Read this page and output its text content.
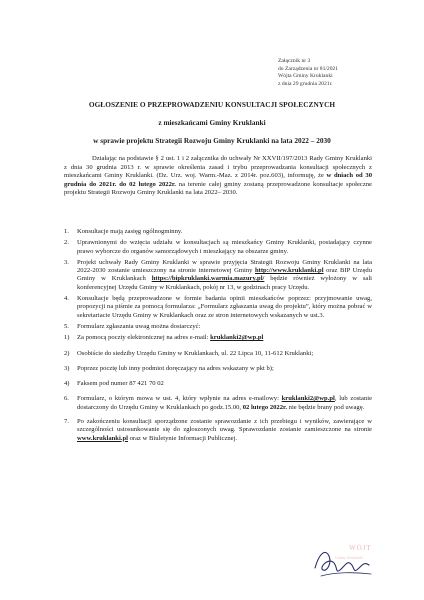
Załącznik nr 3
do Zarządzenia nr 81/2021
Wójta Gminy Kruklanki
z dnia 29 grudnia 2021r.
OGŁOSZENIE O PRZEPROWADZENIU KONSULTACJI SPOŁECZNYCH
z mieszkańcami Gminy Kruklanki
w sprawie projektu Strategii Rozwoju Gminy Kruklanki na lata 2022 – 2030
Działając na podstawie § 2 ust. 1 i 2 załącznika do uchwały Nr XXVII/197/2013 Rady Gminy Kruklanki z dnia 30 grudnia 2013 r. w sprawie określenia zasad i trybu przeprowadzania konsultacji społecznych z mieszkańcami Gminy Kruklanki. (Dz. Urz. woj. Warm.-Maz. z 2014r. poz.603), informuję, że w dniach od 30 grudnia do 2021r. do 02 lutego 2022r. na terenie całej gminy zostaną przeprowadzone konsultacje społeczne projektu Strategii Rozwoju Gminy Kruklanki na lata 2022– 2030.
1.	Konsultacje mają zasięg ogólnogminny.
2.	Uprawnionymi do wzięcia udziału w konsultacjach są mieszkańcy Gminy Kruklanki, posiadający czynne prawo wyborcze do organów samorządowych i mieszkający na obszarze gminy.
3.	Projekt uchwały Rady Gminy Kruklanki w sprawie przyjęcia Strategii Rozwoju Gminy Kruklanki na lata 2022-2030 zostanie umieszczony na stronie internetowej Gminy http://www.kruklanki.pl oraz BIP Urzędu Gminy w Kruklankach https://bipkruklanki.warmia.mazury.pl/ będzie również wyłożony w sali konferencyjnej Urzędu Gminy w Kruklankach, pokój nr 13, w godzinach pracy Urzędu.
4.	Konsultacje będą przeprowadzone w formie badania opinii mieszkańców poprzez: przyjmowanie uwag, propozycji na piśmie za pomocą formularza: „Formularz zgłaszania uwag do projektu”, który można pobrać w sekretariacie Urzędu Gminy w Kruklankach oraz ze stron internetowych wskazanych w ust.3.
5.	Formularz zgłaszania uwag można dostarczyć:
1)	Za pomocą poczty elektronicznej na adres e-mail: kruklanki2@wp.pl
2)	Osobiście do siedziby Urzędu Gminy w Kruklankach, ul. 22 Lipca 10, 11-612 Kruklanki;
3)	Poprzez pocztę lub inny podmiot doręczający na adres wskazany w pkt b);
4)	Faksem pod numer 87 421 70 02
6.	Formularz, o którym mowa w ust. 4, który wpłynie na adres e-mailowy: kruklanki2@wp.pl, lub zostanie dostarczony do Urzędu Gminy w Kruklankach po godz.15.00, 02 lutego 2022r. nie będzie brany pod uwagę.
7.	Po zakończeniu konsultacji sporządzone zostanie sprawozdanie z ich przebiegu i wyników, zawierające w szczególności ustosunkowanie się do zgłoszonych uwag. Sprawozdanie zostanie zamieszczone na stronie www.kruklanki.pl oraz w Biuletynie Informacji Publicznej.
WÓJT
Gminy Kruklanki
